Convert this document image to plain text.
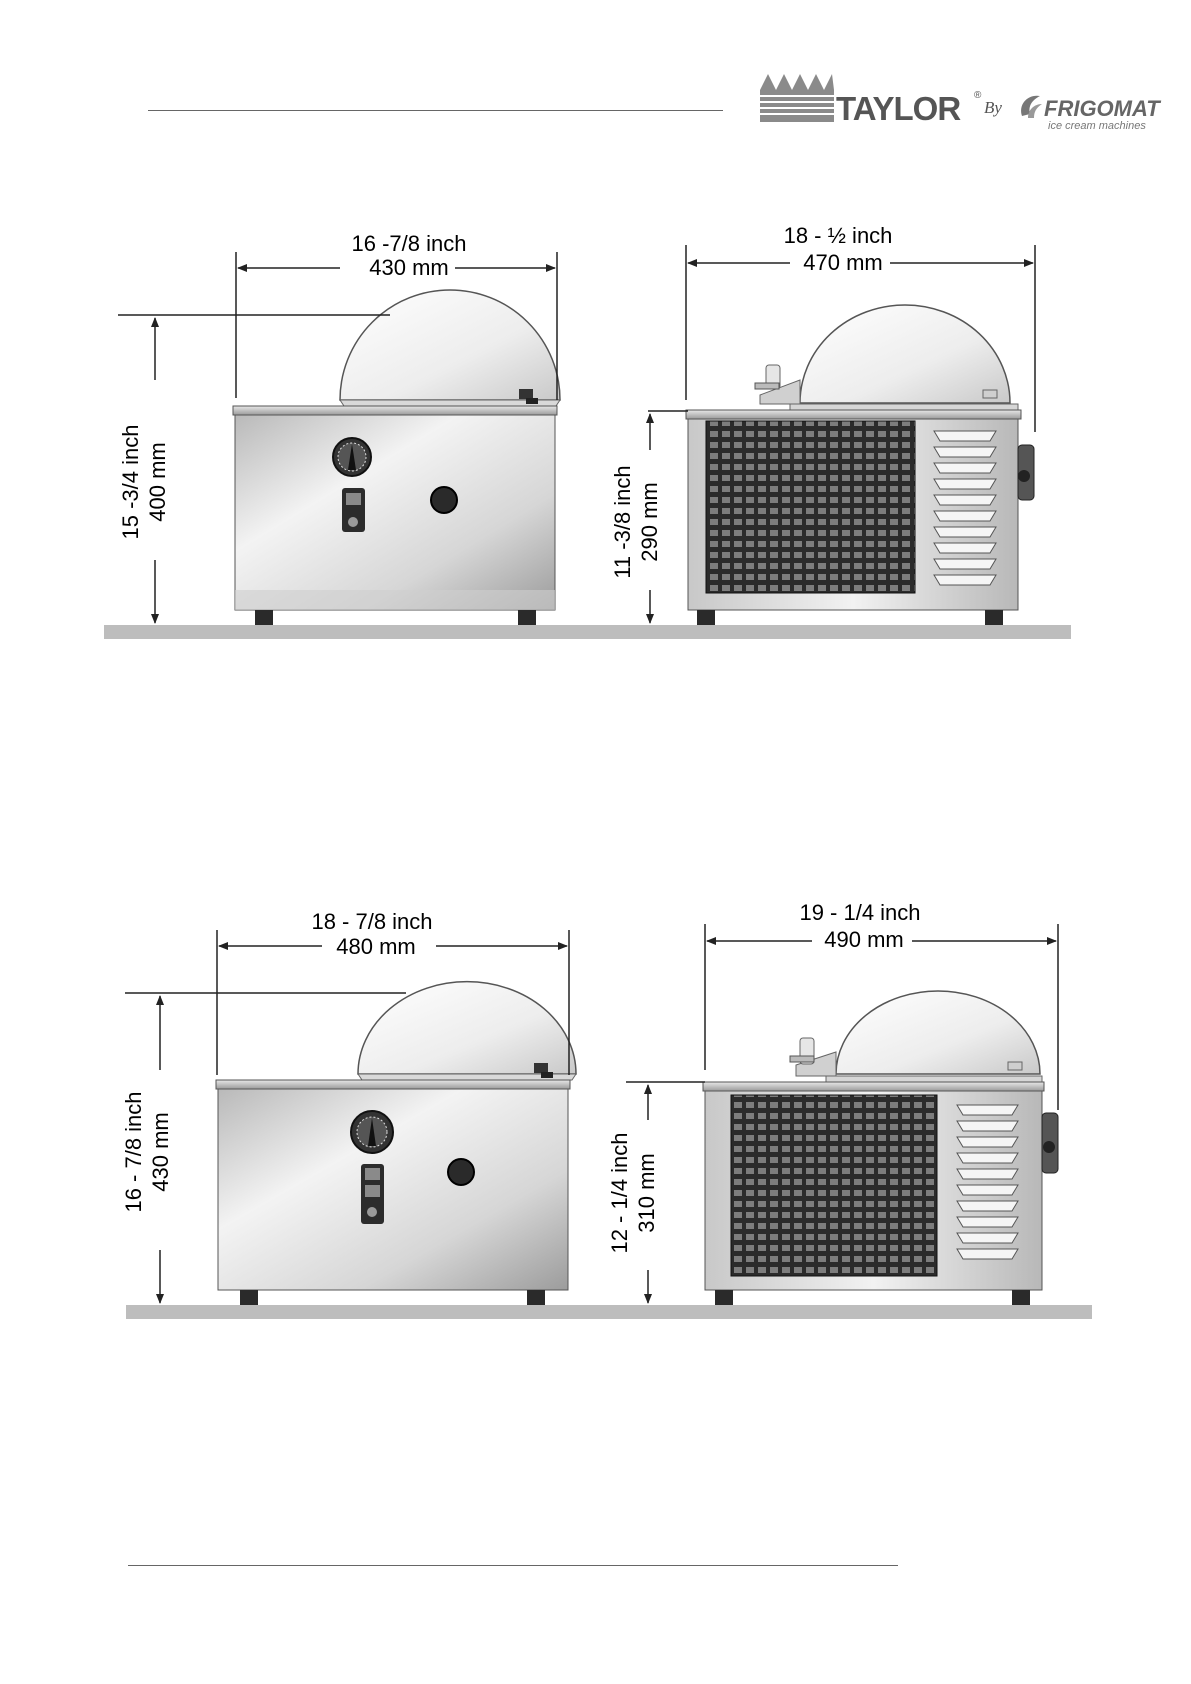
TAYLOR ®
By FRIGOMAT
ice cream machines
16 -7/8 inch
430 mm
15 -3/4 inch 400 mm
18 - ½ inch
470 mm
11 -3/8 inch 290 mm
18 - 7/8 inch
480 mm
16 - 7/8 inch 430 mm
19 - 1/4 inch
490 mm
12 - 1/4 inch 310 mm
